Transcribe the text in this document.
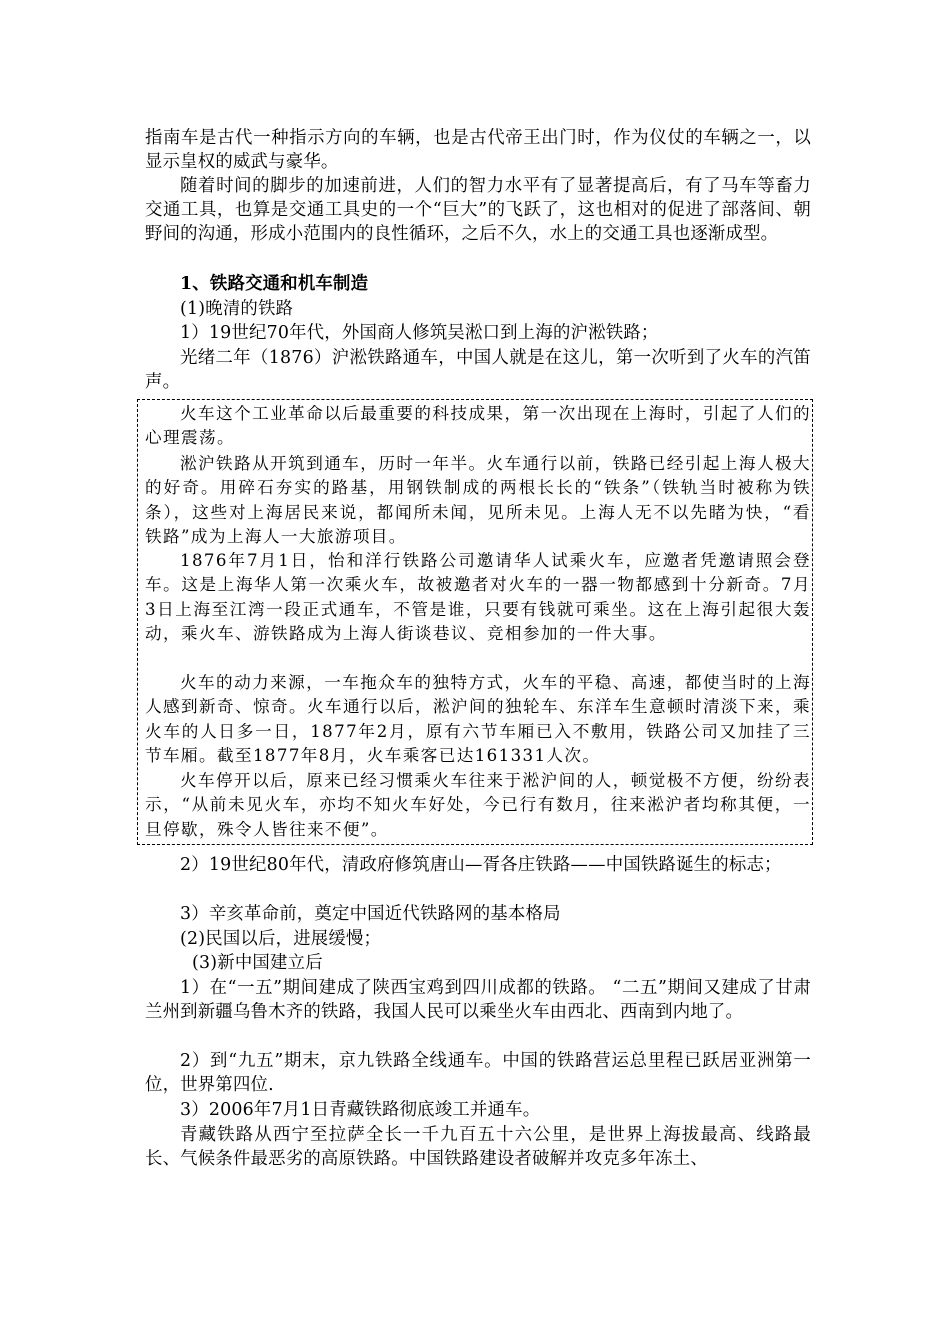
指南车是古代一种指示方向的车辆，也是古代帝王出门时，作为仪仗的车辆之一，以显示皇权的威武与豪华。
随着时间的脚步的加速前进，人们的智力水平有了显著提高后，有了马车等畜力交通工具，也算是交通工具史的一个“巨大”的飞跃了，这也相对的促进了部落间、朝野间的沟通，形成小范围内的良性循环，之后不久，水上的交通工具也逐渐成型。
1、铁路交通和机车制造
(1)晚清的铁路
1）19世纪70年代，外国商人修筑吴淞口到上海的沪淞铁路；
光绪二年（1876）沪淞铁路通车，中国人就是在这儿，第一次听到了火车的汽笛声。
火车这个工业革命以后最重要的科技成果，第一次出现在上海时，引起了人们的心理震荡。
淞沪铁路从开筑到通车，历时一年半。火车通行以前，铁路已经引起上海人极大的好奇。用碎石夯实的路基，用钢铁制成的两根长长的“铁条”（铁轨当时被称为铁条），这些对上海居民来说，都闻所未闻，见所未见。上海人无不以先睹为快，“看铁路”成为上海人一大旅游项目。
1876年7月1日，怡和洋行铁路公司邀请华人试乘火车，应邀者凭邀请照会登车。这是上海华人第一次乘火车，故被邀者对火车的一器一物都感到十分新奇。7月3日上海至江湾一段正式通车，不管是谁，只要有钱就可乘坐。这在上海引起很大轰动，乘火车、游铁路成为上海人街谈巷议、竞相参加的一件大事。
火车的动力来源，一车拖众车的独特方式，火车的平稳、高速，都使当时的上海人感到新奇、惊奇。火车通行以后，淞沪间的独轮车、东洋车生意顿时清淡下来，乘火车的人日多一日，1877年2月，原有六节车厢已入不敷用，铁路公司又加挂了三节车厢。截至1877年8月，火车乘客已达161331人次。
火车停开以后，原来已经习惯乘火车往来于淞沪间的人，顿觉极不方便，纷纷表示，“从前未见火车，亦均不知火车好处，今已行有数月，往来淞沪者均称其便，一旦停歇，殊令人皆往来不便”。
2）19世纪80年代，清政府修筑唐山—胥各庄铁路——中国铁路诞生的标志；
3）辛亥革命前，奠定中国近代铁路网的基本格局
(2)民国以后，进展缓慢；
(3)新中国建立后
1）在“一五”期间建成了陕西宝鸡到四川成都的铁路。 “二五”期间又建成了甘肃兰州到新疆乌鲁木齐的铁路，我国人民可以乘坐火车由西北、西南到内地了。
2）到“九五”期末，京九铁路全线通车。中国的铁路营运总里程已跃居亚洲第一位，世界第四位.
3）2006年7月1日青藏铁路彻底竣工并通车。
青藏铁路从西宁至拉萨全长一千九百五十六公里，是世界上海拔最高、线路最长、气候条件最恶劣的高原铁路。中国铁路建设者破解并攻克多年冻土、
